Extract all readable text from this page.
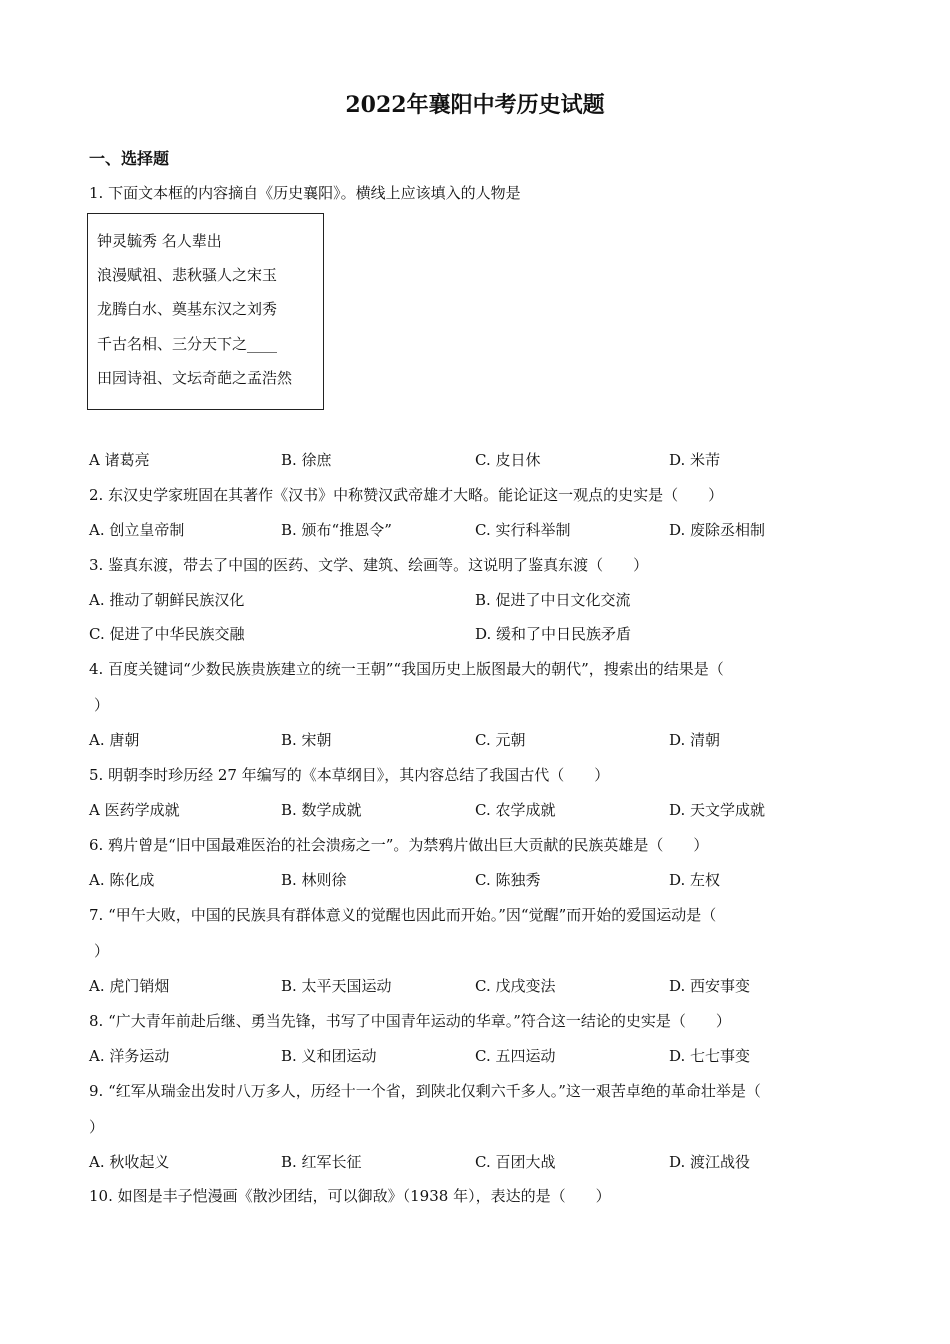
2022年襄阳中考历史试题
一、选择题
1. 下面文本框的内容摘自《历史襄阳》。横线上应该填入的人物是
钟灵毓秀 名人辈出
浪漫赋祖、悲秋骚人之宋玉
龙腾白水、奠基东汉之刘秀
千古名相、三分天下之____
田园诗祖、文坛奇葩之孟浩然
A 诸葛亮	B. 徐庶	C. 皮日休	D. 米芾
2. 东汉史学家班固在其著作《汉书》中称赞汉武帝雄才大略。能论证这一观点的史实是（　　）
A. 创立皇帝制	B. 颁布“推恩令”	C. 实行科举制	D. 废除丞相制
3. 鉴真东渡，带去了中国的医药、文学、建筑、绘画等。这说明了鉴真东渡（　　）
A. 推动了朝鲜民族汉化	B. 促进了中日文化交流
C. 促进了中华民族交融	D. 缓和了中日民族矛盾
4. 百度关键词“少数民族贵族建立的统一王朝”“我国历史上版图最大的朝代”，搜索出的结果是（
）
A. 唐朝	B. 宋朝	C. 元朝	D. 清朝
5. 明朝李时珍历经 27 年编写的《本草纲目》，其内容总结了我国古代（　　）
A 医药学成就	B. 数学成就	C. 农学成就	D. 天文学成就
6. 鸦片曾是“旧中国最难医治的社会溃疡之一”。为禁鸦片做出巨大贡献的民族英雄是（　　）
A. 陈化成	B. 林则徐	C. 陈独秀	D. 左权
7. “甲午大败，中国的民族具有群体意义的觉醒也因此而开始。”因“觉醒”而开始的爱国运动是（
）
A. 虎门销烟	B. 太平天国运动	C. 戊戌变法	D. 西安事变
8. “广大青年前赴后继、勇当先锋，书写了中国青年运动的华章。”符合这一结论的史实是（　　）
A. 洋务运动	B. 义和团运动	C. 五四运动	D. 七七事变
9. “红军从瑞金出发时八万多人，历经十一个省，到陕北仅剩六千多人。”这一艰苦卓绝的革命壮举是（
）
A. 秋收起义	B. 红军长征	C. 百团大战	D. 渡江战役
10. 如图是丰子恺漫画《散沙团结，可以御敌》（1938 年），表达的是（　　）
